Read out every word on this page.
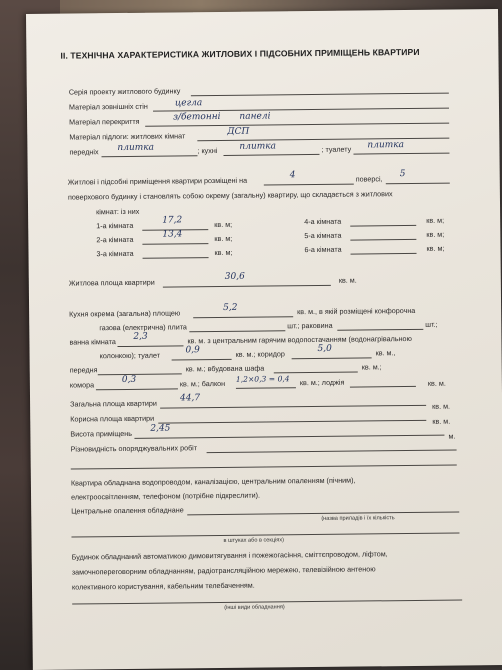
ІІ. ТЕХНІЧНА ХАРАКТЕРИСТИКА ЖИТЛОВИХ І ПІДСОБНИХ ПРИМІЩЕНЬ КВАРТИРИ
Серія проекту житлового будинку
Матеріал зовнішніх стін	цегла
Матеріал перекриття	з/бетонні панелі
Матеріал підлоги: житлових кімнат	ДСП
передніх плитка	; кухні плитка	; туалету плитка
Житлові і підсобні приміщення квартири розміщені на
4	поверсі, 5
поверхового будинку і становлять собою окрему (загальну) квартиру, що складається з житлових
кімнат: із них
1-а кімната	17,2	кв. м;	4-а кімната	кв. м;
2-а кімната	13,4	кв. м;	5-а кімната	кв. м;
3-а кімната	кв. м;	6-а кімната	кв. м;
Житлова площа квартири
30,6	кв. м.
Кухня окрема (загальна) площею
5,2	кв. м., в якій розміщені конфорочна
газова (електрична) плита	шт.; раковина	шт.;
ванна кімната 2,3	кв. м. з центральним гарячим водопостачанням (водонагрівальною
колонкою); туалет
0,9	кв. м.; коридор
5,0	кв. м.,
передня	кв. м.; вбудована шафа	кв. м.;
комора	0,3	кв. м.; балкон 1,2×0,3 = 0,4 кв. м.; лоджія	кв. м.
Загальна площа квартири
44,7
кв. м.
Корисна площа квартири	кв. м.
Висота приміщень
2,45
м.
Різновидність опоряджувальних робіт
Квартира обладнана водопроводом, каналізацією, центральним опаленням (пічним),
електроосвітленням, телефоном (потрібне підкреслити).
Центральне опалення обладнане
(назва приладів і їх кількість
в штуках або в секціях)
Будинок обладнаний автоматикою димовитягування і пожежогасіння, сміттєпроводом, ліфтом,
замочнопереговорним обладнанням, радіотрансляційною мережею, телевізійною антеною
колективного користування, кабельним телебаченням.
(інші види обладнання)
